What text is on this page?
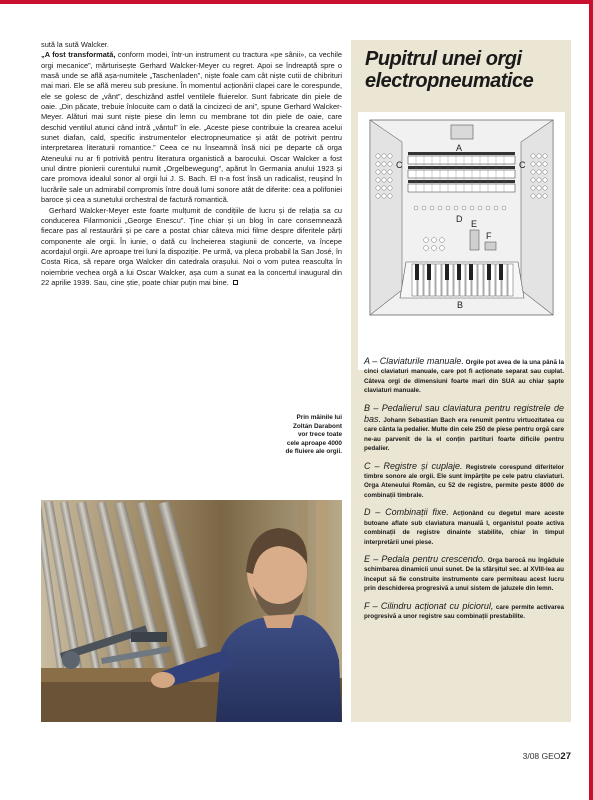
sută la sută Walcker.

„A fost transformată, conform modei, într-un instrument cu tractura «pe sânii», ca vechile orgi mecanice”, mărturisește Gerhard Walcker-Meyer cu regret. Apoi se îndreaptă spre o masă unde se află așa-numitele „Taschenladen”, niște foale cam cât niște cutii de chibrituri mai mari. Ele se află mereu sub presiune. În momentul acționării clapei care le corespunde, ele se golesc de „vânt”, deschizând astfel ventilele fluierelor. Sunt fabricate din piele de oaie. „Din păcate, trebuie înlocuite cam o dată la cincizeci de ani”, spune Gerhard Walcker-Meyer. Alături mai sunt niște piese din lemn cu membrane tot din piele de oaie, care deschid ventilul atunci când intră „vântul” în ele. „Aceste piese contribuie la crearea acelui sunet diafan, cald, specific instrumentelor electropneumatice și atât de potrivit pentru interpretarea literaturii romantice.” Ceea ce nu înseamnă însă nici pe departe că orga Ateneului nu ar fi potrivită pentru literatura organistică a barocului. Oscar Walcker a fost unul dintre pionierii curentului numit „Orgelbewegung”, apărut în Germania anului 1923 și care promova idealul sonor al orgii lui J. S. Bach. El n-a fost însă un radicalist, reușind în lucrările sale un admirabil compromis între două lumi sonore atât de diferite: cea a polifoniei baroce și cea a sunetului orchestral de factură romantică.

Gerhard Walcker-Meyer este foarte mulțumit de condițiile de lucru și de relația sa cu conducerea Filarmonicii „George Enescu”. Ține chiar și un blog în care consemnează fiecare pas al restaurării și pe care a postat chiar câteva mici filme despre diferitele părți componente ale orgii. În iunie, o dată cu încheierea stagiunii de concerte, va începe acordajul orgii. Are aproape trei luni la dispoziție. Pe urmă, va pleca probabil la San José, în Costa Rica, să repare orga Walcker din catedrala orașului. Noi o vom putea reasculta în noiembrie vechea orgă a lui Oscar Walcker, așa cum a sunat ea la concertul inaugural din 22 aprilie 1939. Sau, cine știe, poate chiar puțin mai bine.

Prin mâinile lui Zoltán Darabont vor trece toate cele aproape 4000 de fluiere ale orgii.
Pupitrul unei orgi electropneumatice
A
B
C	C
D E
F
A – Claviaturile manuale. Orgile pot avea de la una până la cinci claviaturi manuale, care pot fi acționate separat sau cuplat. Câteva orgi de dimensiuni foarte mari din SUA au chiar șapte claviaturi manuale.
B – Pedalierul sau claviatura pentru registrele de bas. Johann Sebastian Bach era renumit pentru virtuozitatea cu care cânta la pedalier. Multe din cele 250 de piese pentru orgă care ne-au parvenit de la el conțin partituri foarte dificile pentru pedalier.
C – Registre și cuplaje. Registrele corespund diferitelor timbre sonore ale orgii. Ele sunt împărțite pe cele patru claviaturi. Orga Ateneului Român, cu 52 de registre, permite peste 8000 de combinații timbrale.
D – Combinații fixe. Acționând cu degetul mare aceste butoane aflate sub claviatura manuală I, organistul poate activa combinații de registre dinainte stabilite, chiar în timpul interpretării unei piese.
E – Pedala pentru crescendo. Orga barocă nu îngăduie schimbarea dinamicii unui sunet. De la sfârșitul sec. al XVIII-lea au început să fie construite instrumente care permiteau acest lucru prin deschiderea progresivă a unui sistem de jaluzele din lemn.
F – Cilindru acționat cu piciorul, care permite activarea progresivă a unor registre sau combinații prestabilite.
3/08 GEO27
